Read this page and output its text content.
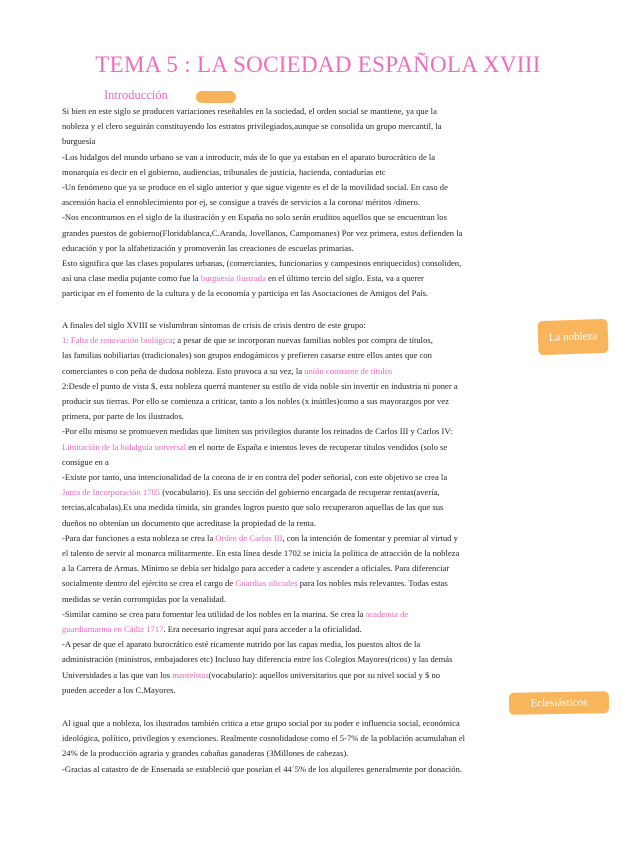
TEMA 5 : LA SOCIEDAD ESPAÑOLA XVIII
Introducción

Si bien en este siglo se producen variaciones reseñables en la sociedad, el orden social se mantiene, ya que la

nobleza y el clero seguirán constituyendo los estratos privilegiados,aunque se consolida un grupo mercantil, la

burguesía

-Los hidalgos del mundo urbano se van a introducir, más de lo que ya estaban en el aparato burocrático de la

monarquía es decir en el gobierno, audiencias, tribunales de justicia, hacienda, contadurías etc

-Un fenómeno que ya se produce en el siglo anterior y que sigue vigente es el de la movilidad social. En caso de

ascensión hacia el ennoblecimiento por ej, se consigue a través de servicios a la corona/ méritos /dinero.

-Nos encontramos en el siglo de la ilustración y en España no solo serán eruditos aquellos que se encuentran los

grandes puestos de gobierno(Floridablanca,C.Aranda, Jovellanos, Campomanes) Por vez primera, estos defienden la

educación y por la alfabetización y promoverán las creaciones de escuelas primarias.

Esto significa que las clases populares urbanas, (comerciantes, funcionarios y campesinos enriquecidos) consoliden,

así una clase media pujante como fue la burguesía ilustrada en el último tercio del siglo. Esta, va a querer

participar en el fomento de la cultura y de la economía y participa en las Asociaciones de Amigos del País.

La nobleza

A finales del siglo XVIII se vislumbran síntomas de crisis de crisis dentro de este grupo:

1: Falta de renovación biológica; a pesar de que se incorporan nuevas familias nobles por compra de títulos,

las familias nobiliarias (tradicionales) son grupos endogámicos y prefieren casarse entre ellos antes que con

comerciantes o con peña de dudosa nobleza. Esto provoca a su vez, la unión constante de títulos

2:Desde el punto de vista $, esta nobleza querrá mantener su estilo de vida noble sin invertir en industria ni poner a

producir sus tierras. Por ello se comienza a criticar, tanto a los nobles (x inútiles)como a sus mayorazgos por vez

primera, por parte de los ilustrados.

-Por ello mismo se promueven medidas que limiten sus privilegios durante los reinados de Carlos III y Carlos IV:

Limitación de la hidalguía universal en el norte de España e intentos leves de recuperar títulos vendidos (solo se

consigue en a

-Existe por tanto, una intencionalidad de la corona de ir en contra del poder señorial, con este objetivo se crea la

Junta de Incorporación 1705 (vocabulario). Es una sección del gobierno encargada de recuperar rentas(avería,

tercias,alcabalas).Es una medida tímida, sin grandes logros puesto que solo recuperaron aquellas de las que sus

dueños no obtenían un documento que acreditase la propiedad de la renta.

-Para dar funciones a esta nobleza se crea la Orden de Carlos III, con la intención de fomentar y premiar al virtud y

el talento de servir al monarca militarmente. En esta línea desde 1702 se inicia la política de atracción de la nobleza

a la Carrera de Armas. Mínimo se debía ser hidalgo para acceder a cadete y ascender a oficiales. Para diferenciar

socialmente dentro del ejército se crea el cargo de Guardias oficiales para los nobles más relevantes. Todas estas

medidas se verán corrompidas por la venalidad.

-Similar camino se crea para fomentar lea utilidad de los nobles en la marina. Se crea la academia de

guardiamarina en Cádiz 1717. Era necesario ingresar aquí para acceder a la oficialidad.

-A pesar de que el aparato burocrático esté ricamente nutrido por las capas media, los puestos altos de la

administración (ministros, embajadores etc) Incluso hay diferencia entre los Colegios Mayores(ricos) y las demás

Universidades a las que van los manteístas(vocabulario): aquellos universitarios que por su nivel social y $ no

pueden acceder a los C.Mayores.

Eclesiásticos

Al igual que a nobleza, los ilustrados también critica a etse grupo social por su poder e influencia social, económica

ideológica, político, privilegios y exenciones. Realmente cosnolidadose como el 5-7% de la población acumulaban el

24% de la producción agraria y grandes cabañas ganaderas (3Millones de cabezas).

-Gracias al catastro de de Ensenada se estableció que poseían el 44´5% de los alquileres generalmente por donación.
